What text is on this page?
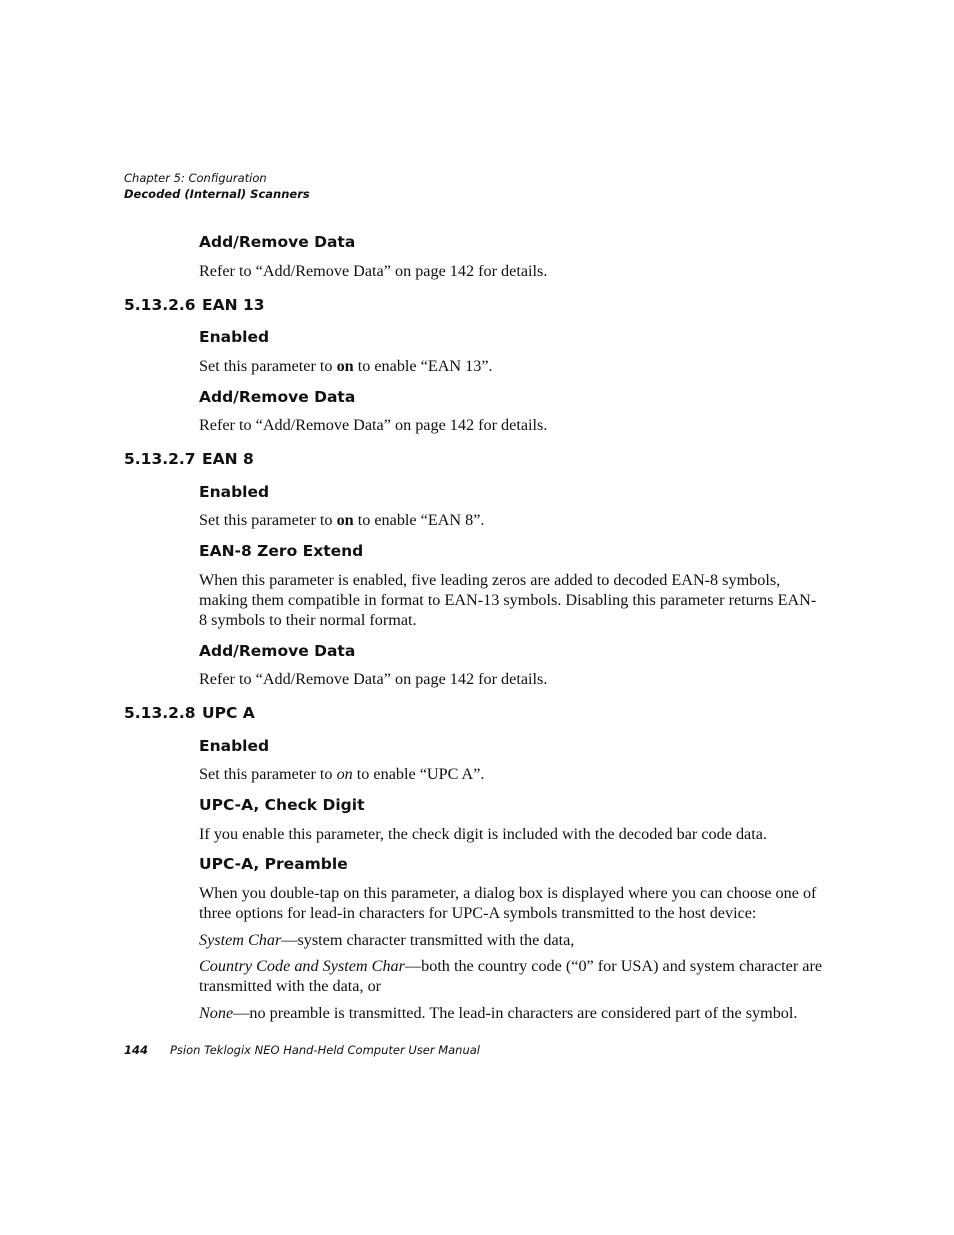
Chapter 5: Configuration
Decoded (Internal) Scanners
Add/Remove Data
Refer to “Add/Remove Data” on page 142 for details.
5.13.2.6 EAN 13
Enabled
Set this parameter to on to enable “EAN 13”.
Add/Remove Data
Refer to “Add/Remove Data” on page 142 for details.
5.13.2.7 EAN 8
Enabled
Set this parameter to on to enable “EAN 8”.
EAN-8 Zero Extend
When this parameter is enabled, five leading zeros are added to decoded EAN-8 symbols, making them compatible in format to EAN-13 symbols. Disabling this parameter returns EAN-8 symbols to their normal format.
Add/Remove Data
Refer to “Add/Remove Data” on page 142 for details.
5.13.2.8 UPC A
Enabled
Set this parameter to on to enable “UPC A”.
UPC-A, Check Digit
If you enable this parameter, the check digit is included with the decoded bar code data.
UPC-A, Preamble
When you double-tap on this parameter, a dialog box is displayed where you can choose one of three options for lead-in characters for UPC-A symbols transmitted to the host device:
System Char—system character transmitted with the data,
Country Code and System Char—both the country code (“0” for USA) and system character are transmitted with the data, or
None—no preamble is transmitted. The lead-in characters are considered part of the symbol.
144 Psion Teklogix NEO Hand-Held Computer User Manual
